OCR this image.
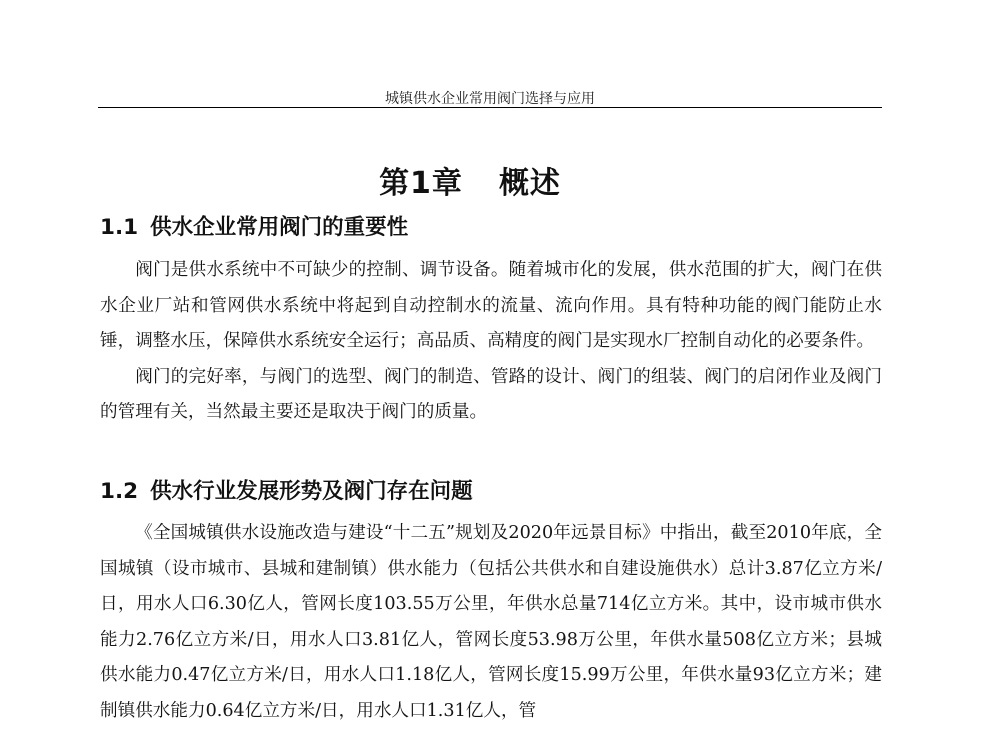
城镇供水企业常用阀门选择与应用
第1章 概述
1.1 供水企业常用阀门的重要性

阀门是供水系统中不可缺少的控制、调节设备。随着城市化的发展，供水范围的扩大，阀门在供水企业厂站和管网供水系统中将起到自动控制水的流量、流向作用。具有特种功能的阀门能防止水锤，调整水压，保障供水系统安全运行；高品质、高精度的阀门是实现水厂控制自动化的必要条件。

阀门的完好率，与阀门的选型、阀门的制造、管路的设计、阀门的组装、阀门的启闭作业及阀门的管理有关，当然最主要还是取决于阀门的质量。

1.2 供水行业发展形势及阀门存在问题

《全国城镇供水设施改造与建设“十二五”规划及2020年远景目标》中指出，截至2010年底，全国城镇（设市城市、县城和建制镇）供水能力（包括公共供水和自建设施供水）总计3.87亿立方米/日，用水人口6.30亿人，管网长度103.55万公里，年供水总量714亿立方米。其中，设市城市供水能力2.76亿立方米/日，用水人口3.81亿人，管网长度53.98万公里，年供水量508亿立方米；县城供水能力0.47亿立方米/日，用水人口1.18亿人，管网长度15.99万公里，年供水量93亿立方米；建制镇供水能力0.64亿立方米/日，用水人口1.31亿人，管
